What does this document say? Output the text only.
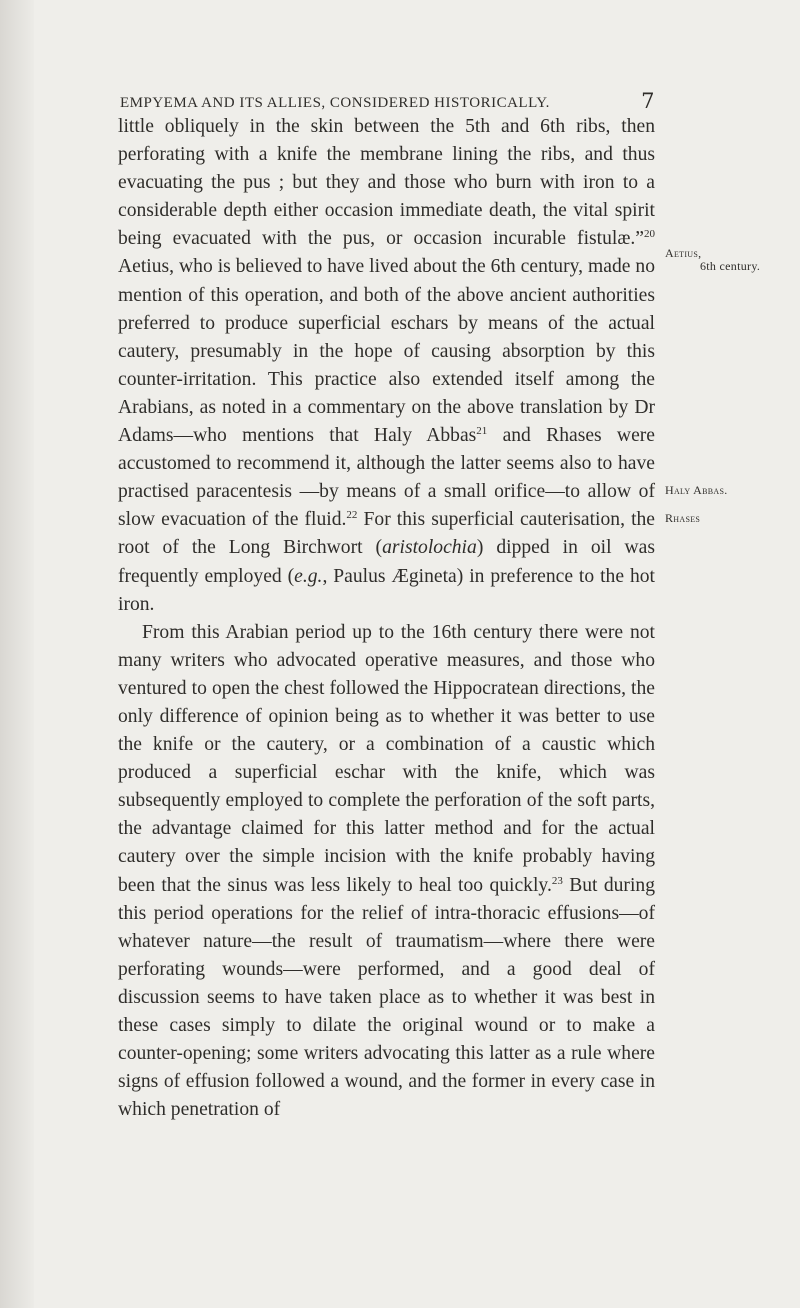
EMPYEMA AND ITS ALLIES, CONSIDERED HISTORICALLY.	7

little obliquely in the skin between the 5th and 6th ribs, then perforating with a knife the membrane lining the ribs, and thus evacuating the pus ; but they and those who burn with iron to a considerable depth either occasion immediate death, the vital spirit being evacuated with the pus, or occasion incurable fistulæ.”$^{20}$ Aetius, who is believed to have lived about the 6th century, made no mention of this operation, and both of the above ancient authorities preferred to produce superficial eschars by means of the actual cautery, presumably in the hope of causing absorption by this counter-irritation. This practice also extended itself among the Arabians, as noted in a commentary on the above translation by Dr Adams—who mentions that Haly Abbas$^{21}$ and Rhases were accustomed to recommend it, although the latter seems also to have practised paracentesis —by means of a small orifice—to allow of slow evacuation of the fluid.$^{22}$ For this superficial cauterisation, the root of the Long Birchwort (aristolochia) dipped in oil was frequently employed (e.g., Paulus Ægineta) in preference to the hot iron.

From this Arabian period up to the 16th century there were not many writers who advocated operative measures, and those who ventured to open the chest followed the Hippocratean directions, the only difference of opinion being as to whether it was better to use the knife or the cautery, or a combination of a caustic which produced a superficial eschar with the knife, which was subsequently employed to complete the perforation of the soft parts, the advantage claimed for this latter method and for the actual cautery over the simple incision with the knife probably having been that the sinus was less likely to heal too quickly.$^{23}$ But during this period operations for the relief of intra-thoracic effusions—of whatever nature—the result of traumatism—where there were perforating wounds—were performed, and a good deal of discussion seems to have taken place as to whether it was best in these cases simply to dilate the original wound or to make a counter-opening; some writers advocating this latter as a rule where signs of effusion followed a wound, and the former in every case in which penetration of

Aetius,
6th century.
Haly Abbas.
Rhases
